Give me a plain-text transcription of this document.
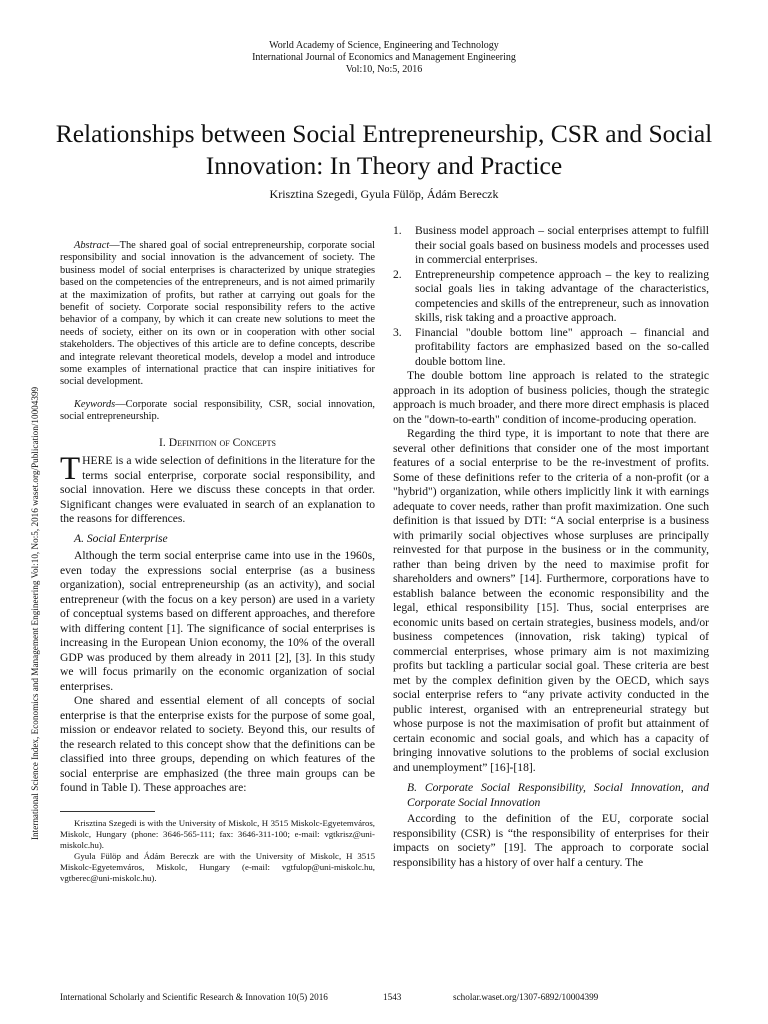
World Academy of Science, Engineering and Technology
International Journal of Economics and Management Engineering
Vol:10, No:5, 2016
Relationships between Social Entrepreneurship, CSR and Social Innovation: In Theory and Practice
Krisztina Szegedi, Gyula Fülöp, Ádám Bereczk
International Science Index, Economics and Management Engineering Vol:10, No:5, 2016 waset.org/Publication/10004399

Abstract—The shared goal of social entrepreneurship, corporate social responsibility and social innovation is the advancement of society. The business model of social enterprises is characterized by unique strategies based on the competencies of the entrepreneurs, and is not aimed primarily at the maximization of profits, but rather at carrying out goals for the benefit of society. Corporate social responsibility refers to the active behavior of a company, by which it can create new solutions to meet the needs of society, either on its own or in cooperation with other social stakeholders. The objectives of this article are to define concepts, describe and integrate relevant theoretical models, develop a model and introduce some examples of international practice that can inspire initiatives for social development.

Keywords—Corporate social responsibility, CSR, social innovation, social entrepreneurship.

I. Definition of Concepts

THERE is a wide selection of definitions in the literature for the terms social enterprise, corporate social responsibility, and social innovation. Here we discuss these concepts in that order. Significant changes were evaluated in search of an explanation to the reasons for differences.

A. Social Enterprise

Although the term social enterprise came into use in the 1960s, even today the expressions social enterprise (as a business organization), social entrepreneurship (as an activity), and social entrepreneur (with the focus on a key person) are used in a variety of conceptual systems based on different approaches, and therefore with differing content [1]. The significance of social enterprises is increasing in the European Union economy, the 10% of the overall GDP was produced by them already in 2011 [2], [3]. In this study we will focus primarily on the economic organization of social enterprises.

One shared and essential element of all concepts of social enterprise is that the enterprise exists for the purpose of some goal, mission or endeavor related to society. Beyond this, our results of the research related to this concept show that the definitions can be classified into three groups, depending on which features of the social enterprise are emphasized (the three main groups can be found in Table I). These approaches are:

Krisztina Szegedi is with the University of Miskolc, H 3515 Miskolc-Egyetemváros, Miskolc, Hungary (phone: 3646-565-111; fax: 3646-311-100; e-mail: vgtkrisz@uni-miskolc.hu).

Gyula Fülöp and Ádám Bereczk are with the University of Miskolc, H 3515 Miskolc-Egyetemváros, Miskolc, Hungary (e-mail: vgtfulop@uni-miskolc.hu, vgtberec@uni-miskolc.hu).

1. Business model approach – social enterprises attempt to fulfill their social goals based on business models and processes used in commercial enterprises.
2. Entrepreneurship competence approach – the key to realizing social goals lies in taking advantage of the characteristics, competencies and skills of the entrepreneur, such as innovation skills, risk taking and a proactive approach.
3. Financial "double bottom line" approach – financial and profitability factors are emphasized based on the so-called double bottom line.

The double bottom line approach is related to the strategic approach in its adoption of business policies, though the strategic approach is much broader, and there more direct emphasis is placed on the "down-to-earth" condition of income-producing operation.

Regarding the third type, it is important to note that there are several other definitions that consider one of the most important features of a social enterprise to be the re-investment of profits. Some of these definitions refer to the criteria of a non-profit (or a "hybrid") organization, while others implicitly link it with earnings adequate to cover needs, rather than profit maximization. One such definition is that issued by DTI: “A social enterprise is a business with primarily social objectives whose surpluses are principally reinvested for that purpose in the business or in the community, rather than being driven by the need to maximise profit for shareholders and owners” [14]. Furthermore, corporations have to establish balance between the economic responsibility and the legal, ethical responsibility [15]. Thus, social enterprises are economic units based on certain strategies, business models, and/or business competences (innovation, risk taking) typical of commercial enterprises, whose primary aim is not maximizing profits but tackling a particular social goal. These criteria are best met by the complex definition given by the OECD, which says social enterprise refers to “any private activity conducted in the public interest, organised with an entrepreneurial strategy but whose purpose is not the maximisation of profit but attainment of certain economic and social goals, and which has a capacity of bringing innovative solutions to the problems of social exclusion and unemployment” [16]-[18].

B. Corporate Social Responsibility, Social Innovation, and Corporate Social Innovation

According to the definition of the EU, corporate social responsibility (CSR) is “the responsibility of enterprises for their impacts on society” [19]. The approach to corporate social responsibility has a history of over half a century. The

International Scholarly and Scientific Research & Innovation 10(5) 2016	1543	scholar.waset.org/1307-6892/10004399
